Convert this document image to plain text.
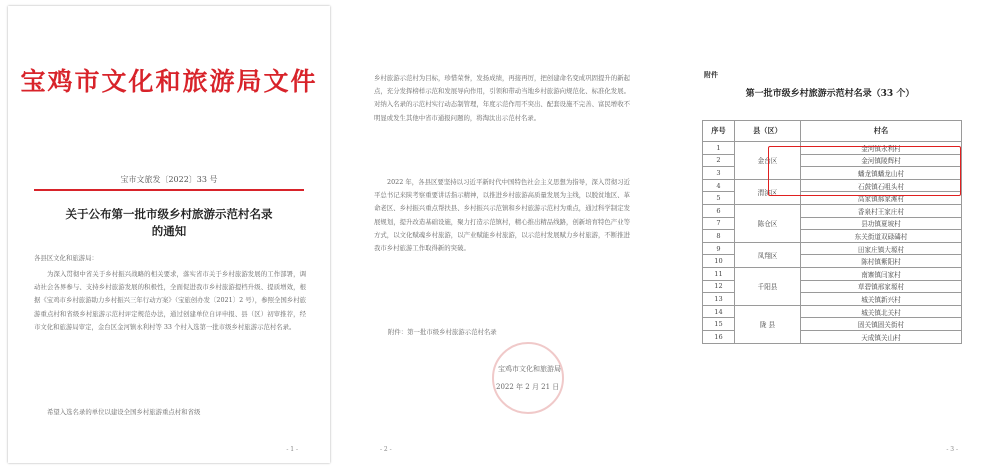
宝鸡市文化和旅游局文件
宝市文旅发〔2022〕33 号
关于公布第一批市级乡村旅游示范村名录
的通知

各县区文化和旅游局：

为深入贯彻中省关于乡村振兴战略的相关要求，落实省市关于乡村旅游发展的工作部署，调动社会各界参与、支持乡村旅游发展的积极性，全面促进我市乡村旅游提档升级、提质增效，根据《宝鸡市乡村旅游助力乡村振兴三年行动方案》（宝旅创办发〔2021〕2 号），参照全国乡村旅游重点村和省级乡村旅游示范村评定规范办法，通过创建单位自评申报、县（区）初审推荐，经市文化和旅游局审定，金台区金河镇永利村等 33 个村入选第一批市级乡村旅游示范村名录。

希望入选名录的单位以建设全国乡村旅游重点村和省级

- 1 -

乡村旅游示范村为目标，珍惜荣誉，发扬成绩，再接再厉，把创建命名变成巩固提升的新起点，充分发挥榜样示范和发展导向作用，引领和带动当地乡村旅游向规范化、标准化发展。对纳入名录的示范村实行动态制管理，年度示范作用不突出、配套设施不完善、富民增收不明显或发生其他中省市通报问题的，将淘汰出示范村名录。

2022 年，各县区要坚持以习近平新时代中国特色社会主义思想为指导，深入贯彻习近平总书记来陕考察重要讲话指示精神，以推进乡村旅游高质量发展为主线，以脱贫地区、革命老区、乡村振兴重点帮扶县、乡村振兴示范镇和乡村旅游示范村为重点，通过科学制定发展规划，提升改造基础设施，聚力打造示范镇村，精心推出精品线路，创新培育特色产业等方式，以文化赋魂乡村旅游，以产业赋能乡村旅游，以示范村发展赋力乡村旅游，不断推进我市乡村旅游工作取得新的突破。

附件：第一批市级乡村旅游示范村名录

宝鸡市文化和旅游局
2022 年 2 月 21 日
- 2 -
附件
第一批市级乡村旅游示范村名录（33 个）
序号	县（区）	村名
1	金台区	金河镇永利村
2		金河镇陵辉村
3		蟠龙镇蟠龙山村
4	渭滨区	石鼓镇石咀头村
5		高家镇郝家滩村
6	陈仓区	香泉村王家庄村
7		县功镇夏坡村
8		东关街道双碌碡村
9	凤翔区	田家庄镇大塬村
10		陈村镇紫阳村
11	千阳县	南寨镇闫家村
12		草碧镇邢家塬村
13		城关镇新兴村
14	陇 县	城关镇北关村
15		固关镇固关街村
16		天成镇关山村
- 3 -
